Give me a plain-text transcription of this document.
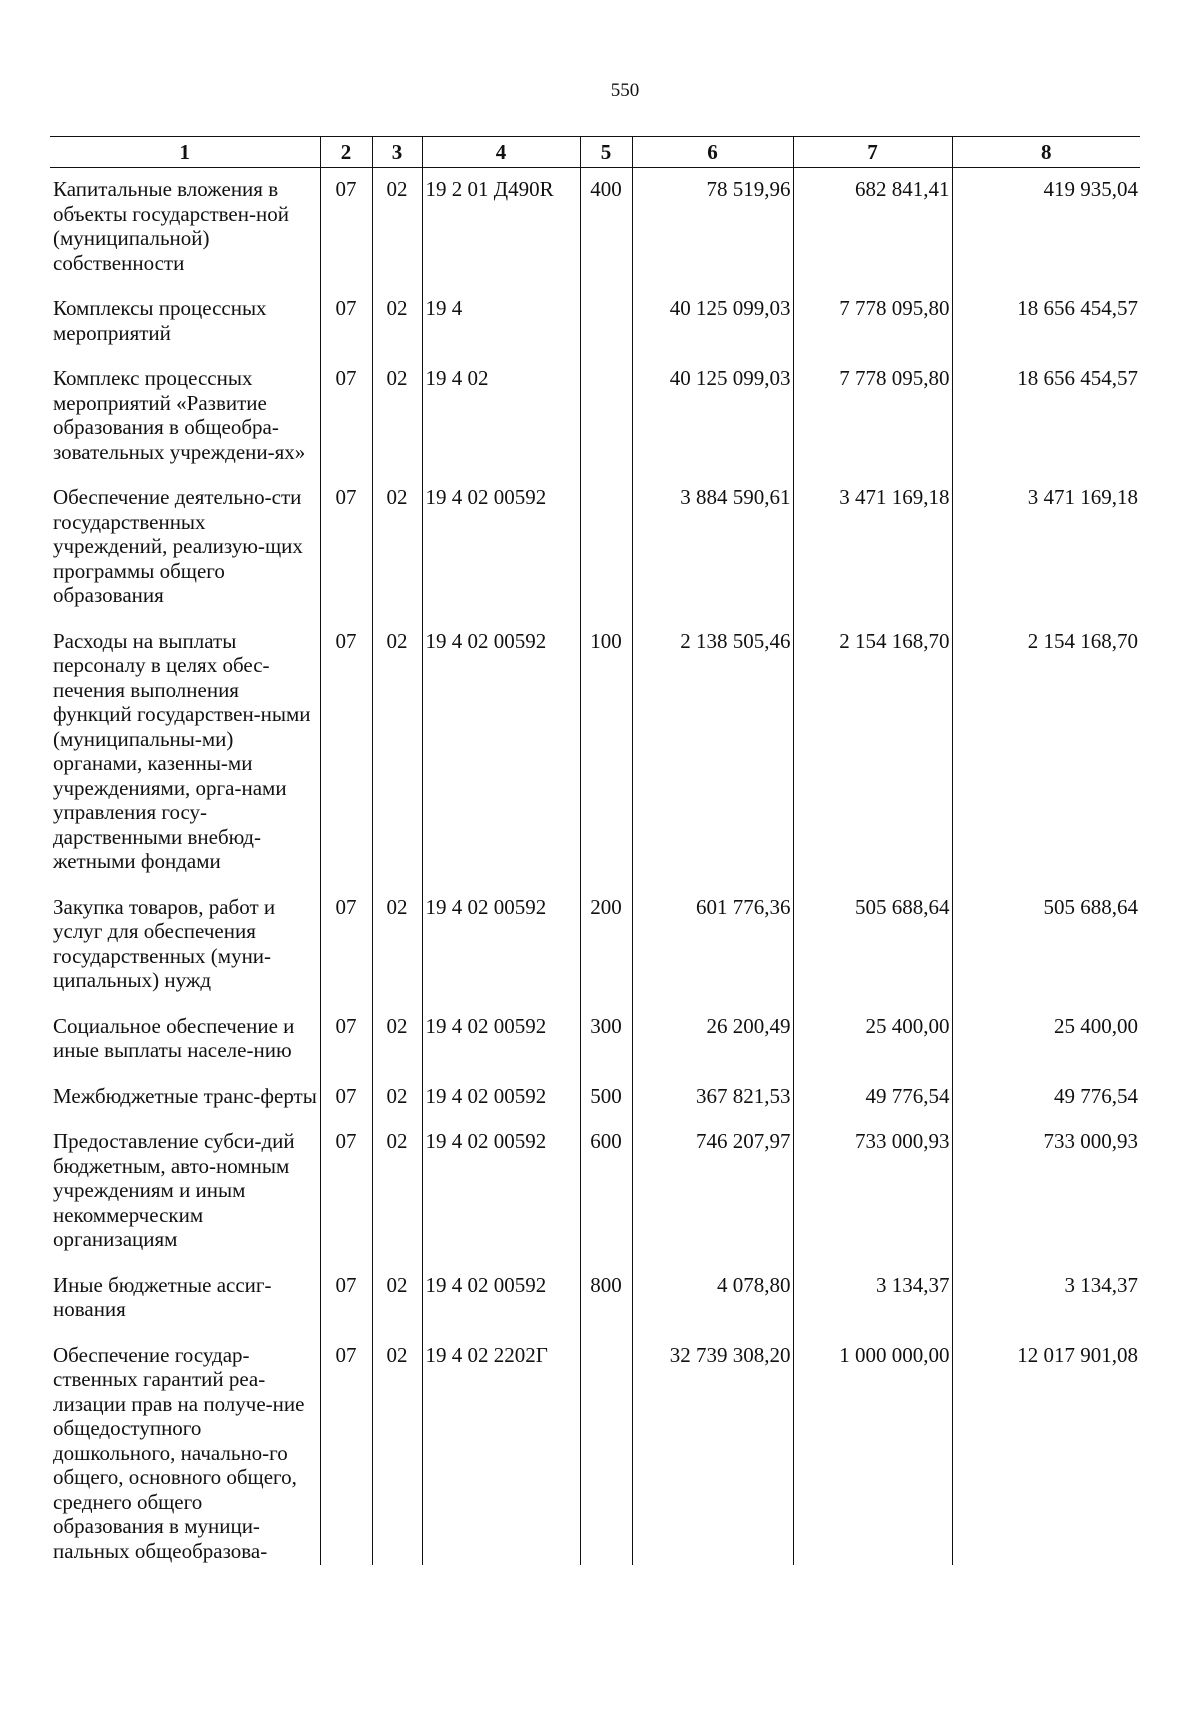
550
1	2	3	4	5	6	7	8
Капитальные вложения в объекты государствен-ной (муниципальной) собственности	07	02	19 2 01 Д490R	400	78 519,96	682 841,41	419 935,04
Комплексы процессных мероприятий	07	02	19 4		40 125 099,03	7 778 095,80	18 656 454,57
Комплекс процессных мероприятий «Развитие образования в общеобра-зовательных учреждени-ях»	07	02	19 4 02		40 125 099,03	7 778 095,80	18 656 454,57
Обеспечение деятельно-сти государственных учреждений, реализую-щих программы общего образования	07	02	19 4 02 00592		3 884 590,61	3 471 169,18	3 471 169,18
Расходы на выплаты персоналу в целях обес-печения выполнения функций государствен-ными (муниципальны-ми) органами, казенны-ми учреждениями, орга-нами управления госу-дарственными внебюд-жетными фондами	07	02	19 4 02 00592	100	2 138 505,46	2 154 168,70	2 154 168,70
Закупка товаров, работ и услуг для обеспечения государственных (муни-ципальных) нужд	07	02	19 4 02 00592	200	601 776,36	505 688,64	505 688,64
Социальное обеспечение и иные выплаты населе-нию	07	02	19 4 02 00592	300	26 200,49	25 400,00	25 400,00
Межбюджетные транс-ферты	07	02	19 4 02 00592	500	367 821,53	49 776,54	49 776,54
Предоставление субси-дий бюджетным, авто-номным учреждениям и иным некоммерческим организациям	07	02	19 4 02 00592	600	746 207,97	733 000,93	733 000,93
Иные бюджетные ассиг-нования	07	02	19 4 02 00592	800	4 078,80	3 134,37	3 134,37
Обеспечение государ-ственных гарантий реа-лизации прав на получе-ние общедоступного дошкольного, начально-го общего, основного общего, среднего общего образования в муници-пальных общеобразова-	07	02	19 4 02 2202Г		32 739 308,20	1 000 000,00	12 017 901,08
